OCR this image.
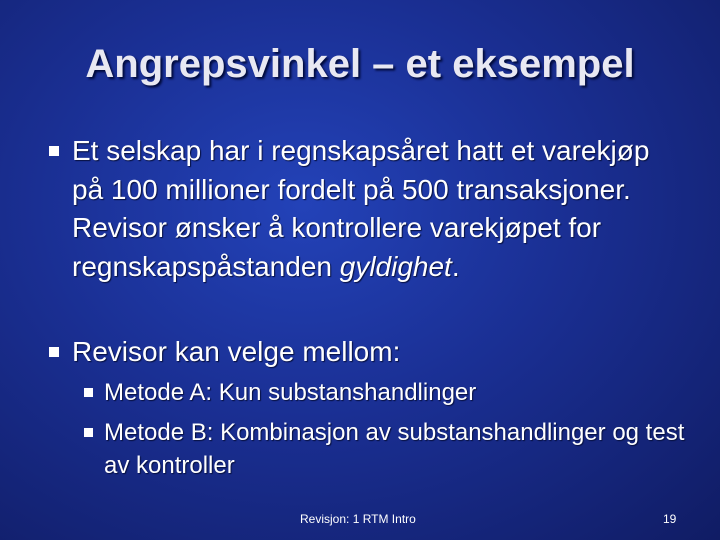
Angrepsvinkel – et eksempel
Et selskap har i regnskapsåret hatt et varekjøp på 100 millioner fordelt på 500 transaksjoner. Revisor ønsker å kontrollere varekjøpet for regnskapspåstanden gyldighet.
Revisor kan velge mellom:
Metode A: Kun substanshandlinger
Metode B: Kombinasjon av substanshandlinger og test av kontroller
Revisjon: 1 RTM Intro	19
